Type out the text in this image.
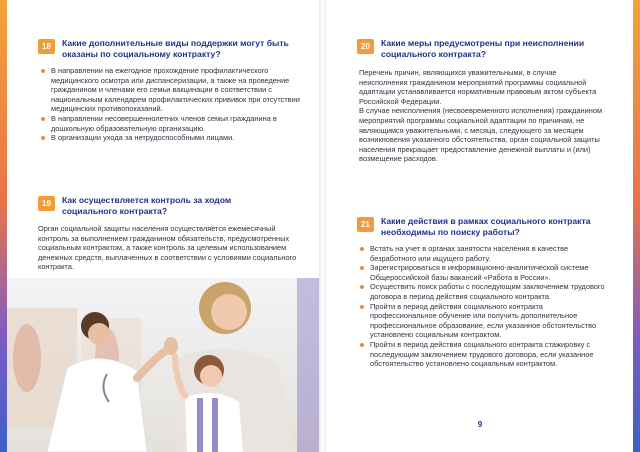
18	Какие дополнительные виды поддержки могут быть оказаны по социальному контракту?
В направлении на ежегодное прохождение профилактического медицинского осмотра или диспансеризации, а также на проведение гражданином и членами его семьи вакцинации в соответствии с национальным календарем профилактических прививок при отсутствии медицинских противопоказаний.
В направлении несовершеннолетних членов семьи гражданина в дошкольную образовательную организацию.
В организации ухода за нетрудоспособными лицами.
19	Как осуществляется контроль за ходом социального контракта?
Орган социальной защиты населения осуществляется ежемесячный контроль за выполнением гражданином обязательств, предусмотренных социальным контрактом, а также контроль за целевым использованием денежных средств, выплаченных в соответствии с условиями социального контракта.
20	Какие меры предусмотрены при неисполнении социального контракта?
Перечень причин, являющихся уважительными, в случае неисполнения гражданином мероприятий программы социальной адаптации устанавливается нормативным правовым актом субъекта Российской Федерации.
В случае неисполнения (несвоевременного исполнения) гражданином мероприятий программы социальной адаптации по причинам, не являющимся уважительными, с месяца, следующего за месяцем возникновения указанного обстоятельства, орган социальной защиты населения прекращает предоставление денежной выплаты и (или) возмещение расходов.
21	Какие действия в рамках социального контракта необходимы по поиску работы?
Встать на учет в органах занятости населения в качестве безработного или ищущего работу.
Зарегистрироваться в информационно-аналитической системе Общероссийской базы вакансий «Работа в России».
Осуществить поиск работы с последующим заключением трудового договора в период действия социального контракта.
Пройти в период действия социального контракта профессиональное обучение или получить дополнительное профессиональное образование, если указанное обстоятельство установлено социальным контрактом.
Пройти в период действия социального контракта стажировку с последующим заключением трудового договора, если указанное обстоятельство установлено социальным контрактом.
9
